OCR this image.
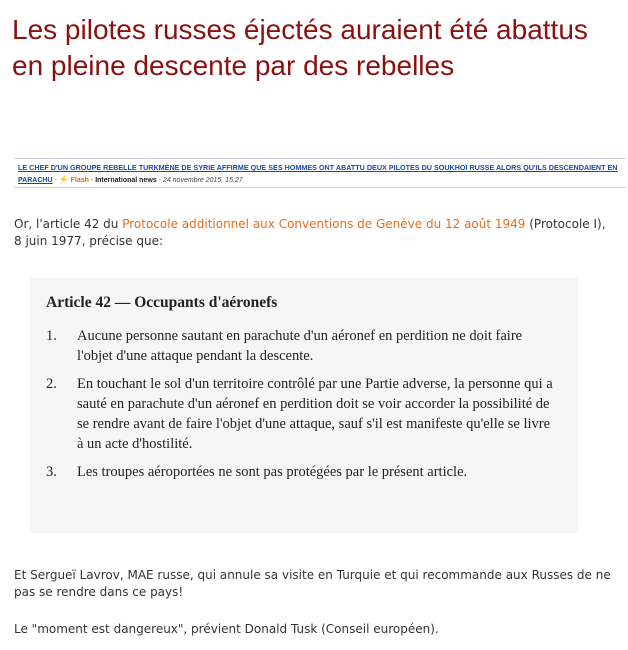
Les pilotes russes éjectés auraient été abattus en pleine descente par des rebelles
LE CHEF D'UN GROUPE REBELLE TURKMÈNE DE SYRIE AFFIRME QUE SES HOMMES ONT ABATTU DEUX PILOTES DU SOUKHOÏ RUSSE ALORS QU'ILS DESCENDAIENT EN
PARACHU - ⚡ Flash - International news - 24 novembre 2015, 15:27

Or, l'article 42 du Protocole additionnel aux Conventions de Genève du 12 août 1949 (Protocole I), 8 juin 1977, précise que:

Article 42 — Occupants d'aéronefs
1. Aucune personne sautant en parachute d'un aéronef en perdition ne doit faire l'objet d'une attaque pendant la descente.
2. En touchant le sol d'un territoire contrôlé par une Partie adverse, la personne qui a sauté en parachute d'un aéronef en perdition doit se voir accorder la possibilité de se rendre avant de faire l'objet d'une attaque, sauf s'il est manifeste qu'elle se livre à un acte d'hostilité.
3. Les troupes aéroportées ne sont pas protégées par le présent article.

Et Sergueï Lavrov, MAE russe, qui annule sa visite en Turquie et qui recommande aux Russes de ne pas se rendre dans ce pays!

Le "moment est dangereux", prévient Donald Tusk (Conseil européen).
